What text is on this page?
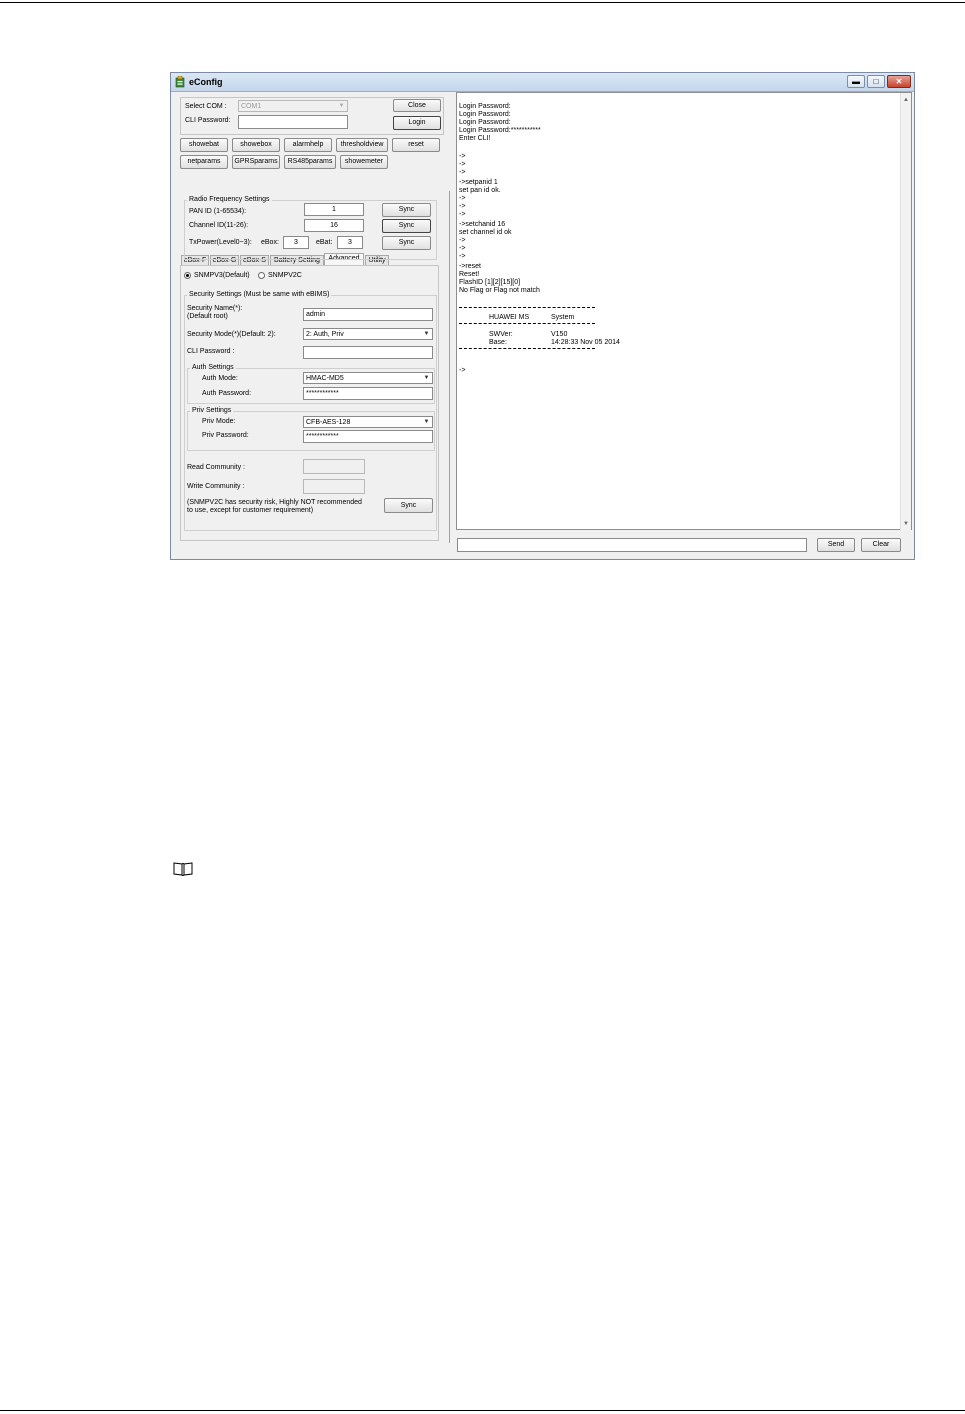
eConfig	▬	□	✕
Select COM :	COM1	▼
CLI Password:
Close
Login
showebat	showebox	alarmhelp	thresholdview	reset
netparams	GPRSparams	RS485params	showemeter
eBox-F eBox-G eBox-S	Battery Setting	Advanced	Utility
Radio Frequency Settings
PAN ID (1-65534):	1	Sync
Channel ID(11-26):	16	Sync
TxPower(Level0~3): eBox:	3	eBat:	3	Sync
SNMPV3(Default)	SNMPV2C
Security Settings (Must be same with eBIMS)
Security Name(*):
(Default root)	admin
Security Mode(*)(Default: 2):	2: Auth, Priv	▼
CLI Password :
Auth Settings
Auth Mode:	HMAC-MD5	▼
Auth Password:	************
Priv Settings
Priv Mode:	CFB-AES-128	▼
Priv Password:	************
Read Community :
Write Community :
(SNMPV2C has security risk, Highly NOT recommended
to use, except for customer requirement)
Sync
Login Password:
Login Password:
Login Password:
Login Password:***********
Enter CLI!
->
->
->
->setpanid 1
set pan id ok.
->
->
->
->setchanid 16
set channel id ok
->
->
->
->reset
Reset!
FlashID [1][2][15][0]
No Flag or Flag not match
HUAWEI MS	System
SWVer:	V150
Base:	14:28:33 Nov 05 2014
->
▲
▼
Send	Clear
